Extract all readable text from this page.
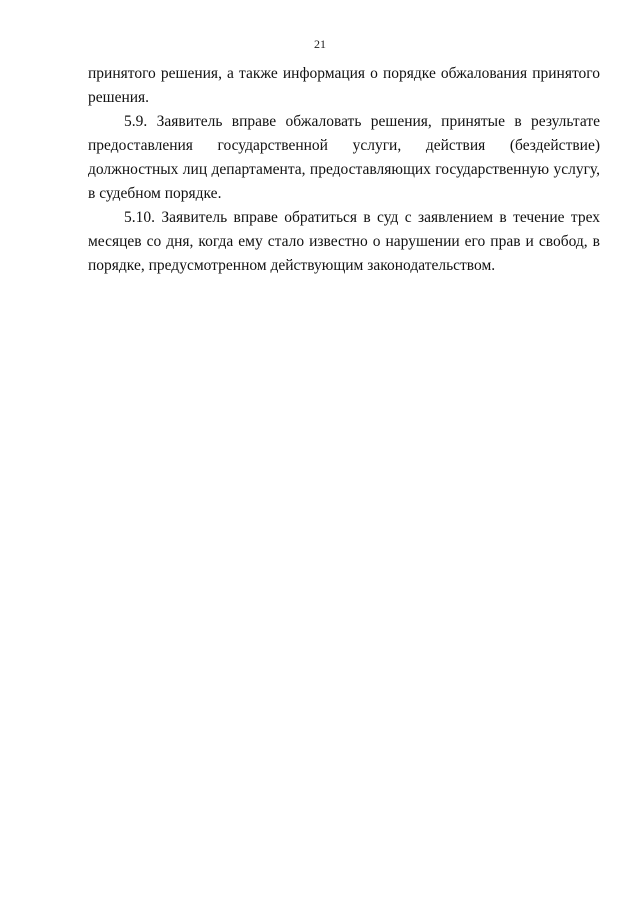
21

принятого решения, а также информация о порядке обжалования принятого решения.

5.9. Заявитель вправе обжаловать решения, принятые в результате предоставления государственной услуги, действия (бездействие) должностных лиц департамента, предоставляющих государственную услугу, в судебном порядке.

5.10. Заявитель вправе обратиться в суд с заявлением в течение трех месяцев со дня, когда ему стало известно о нарушении его прав и свобод, в порядке, предусмотренном действующим законодательством.
